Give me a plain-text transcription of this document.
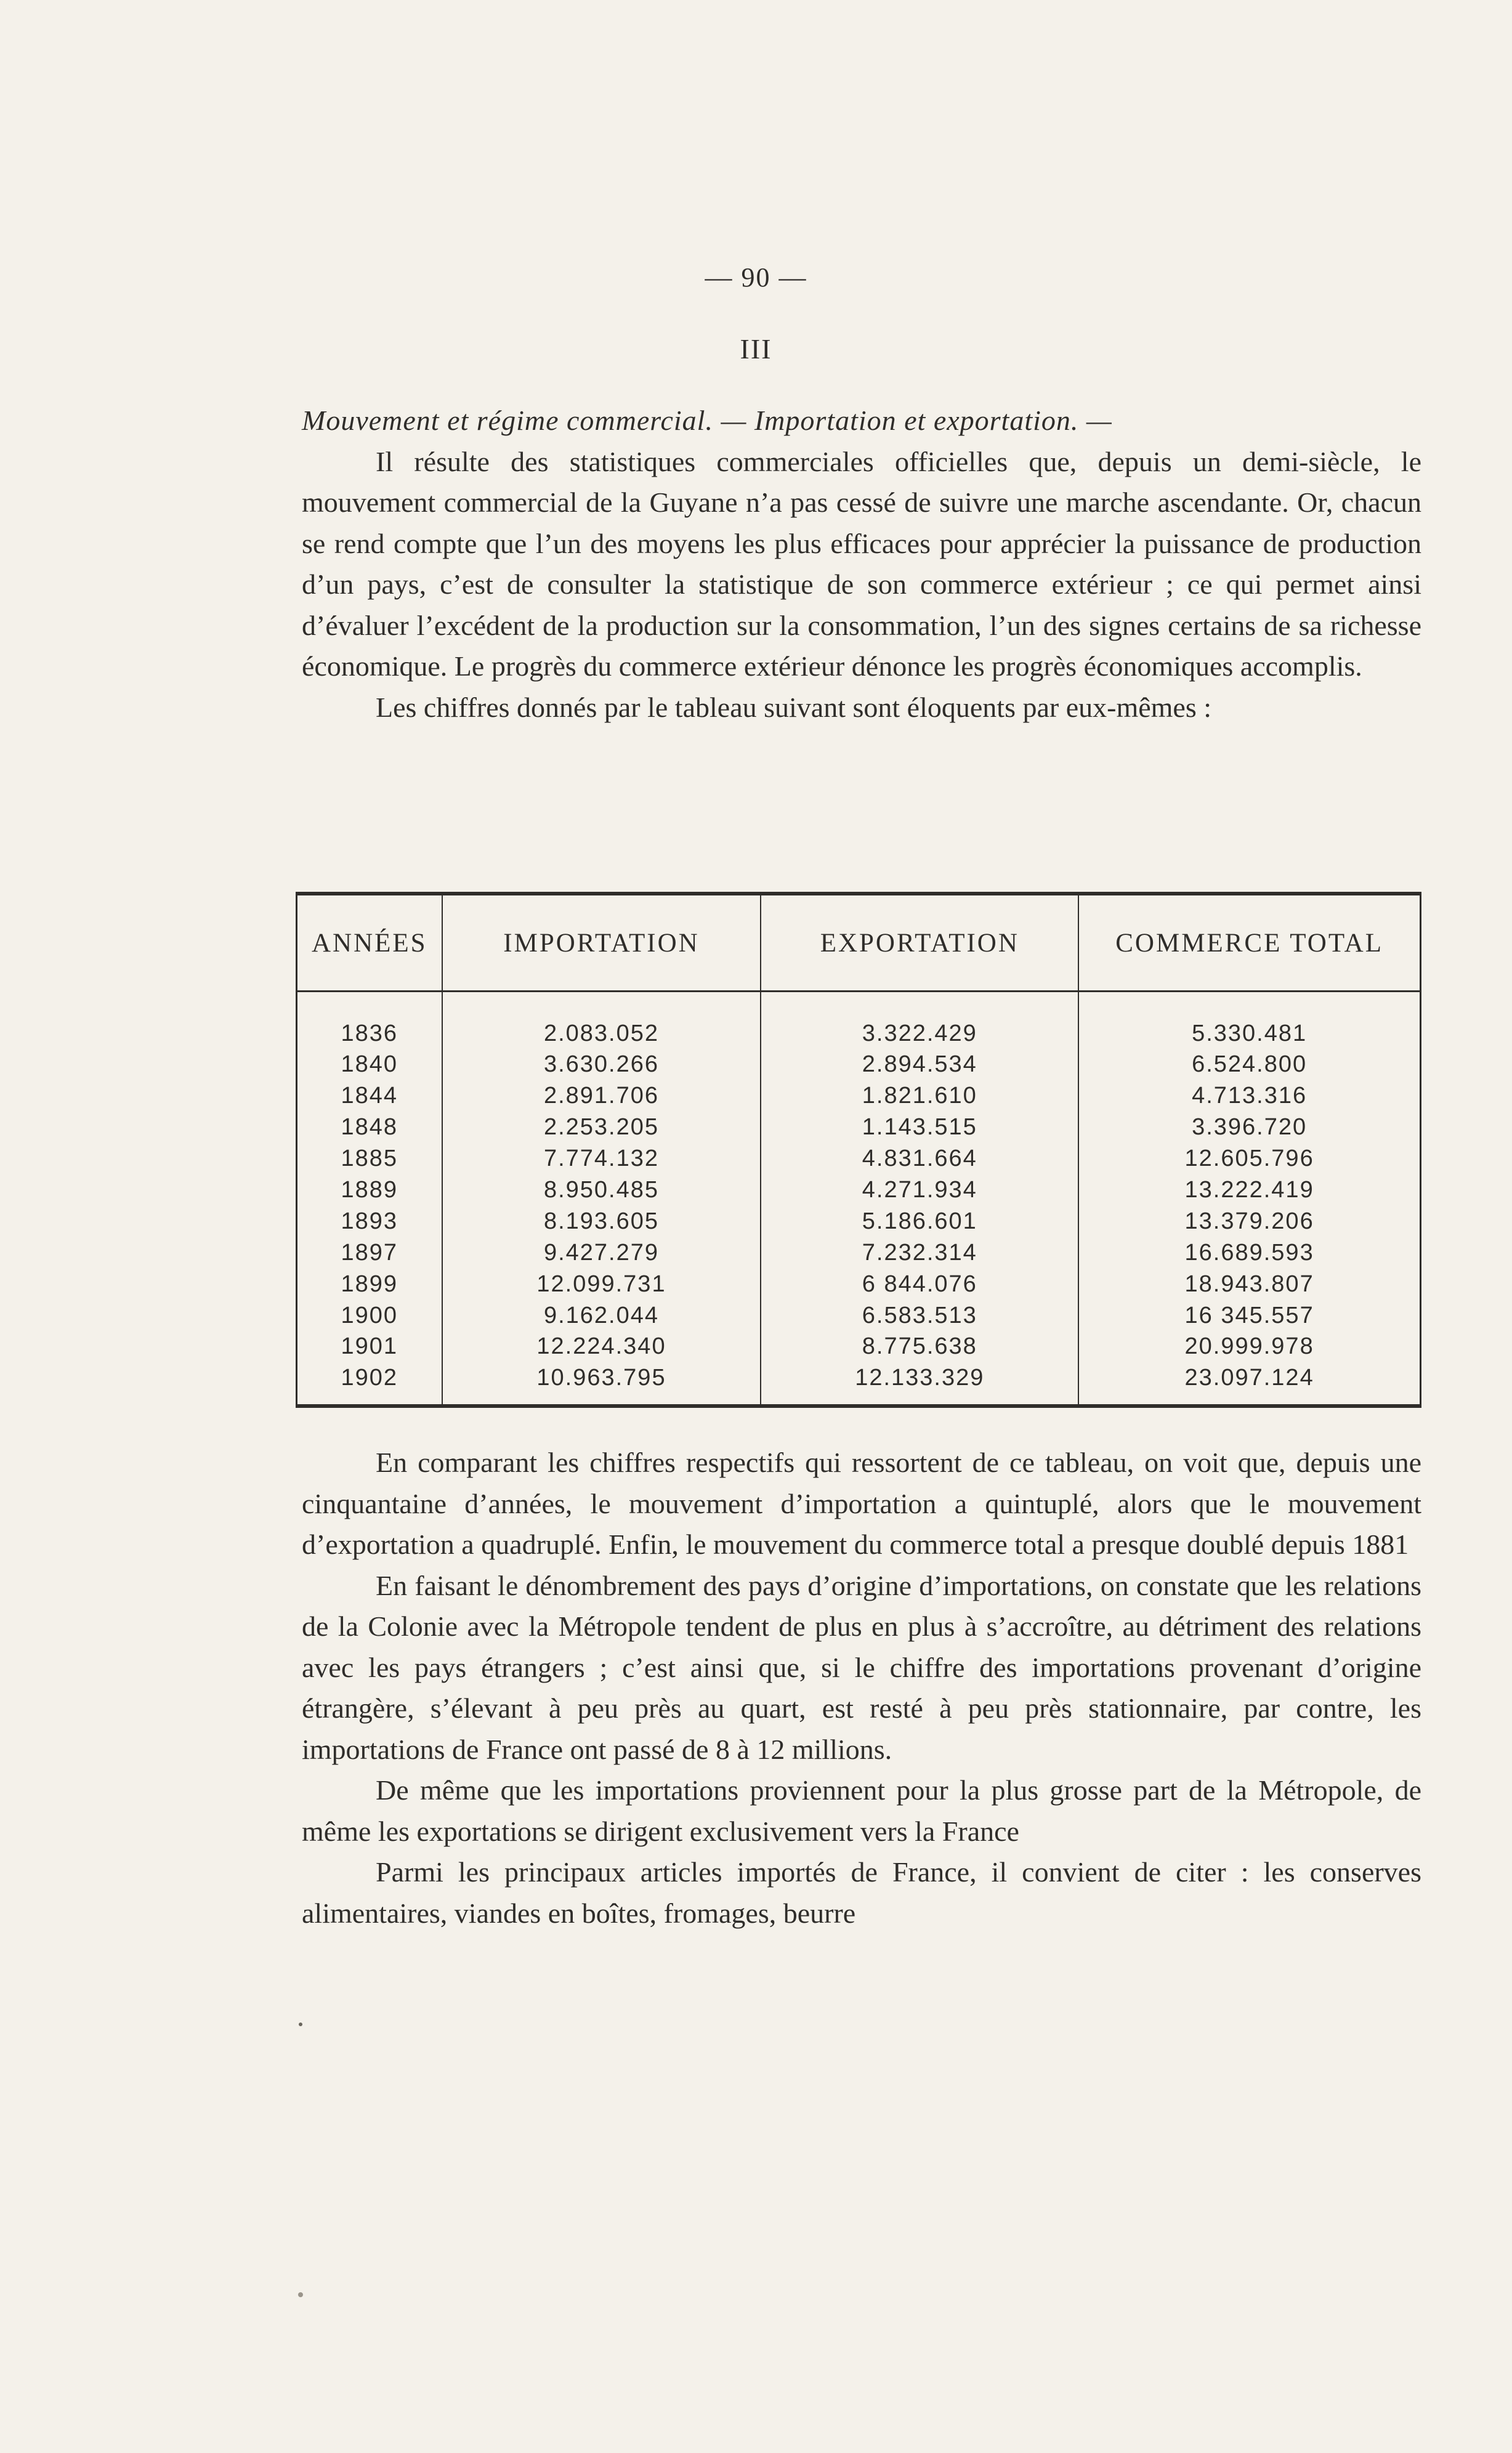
— 90 —
III
Mouvement et régime commercial. — Importation et exportation. —

Il résulte des statistiques commerciales officielles que, depuis un demi-siècle, le mouvement commercial de la Guyane n’a pas cessé de suivre une marche ascendante. Or, chacun se rend compte que l’un des moyens les plus efficaces pour apprécier la puissance de production d’un pays, c’est de consulter la statistique de son commerce extérieur ; ce qui permet ainsi d’évaluer l’excédent de la production sur la consommation, l’un des signes certains de sa richesse économique. Le progrès du commerce extérieur dénonce les progrès économiques accomplis.

Les chiffres donnés par le tableau suivant sont éloquents par eux-mêmes :

ANNÉES	IMPORTATION	EXPORTATION	COMMERCE TOTAL

1836	2.083.052	3.322.429	5.330.481
1840	3.630.266	2.894.534	6.524.800
1844	2.891.706	1.821.610	4.713.316
1848	2.253.205	1.143.515	3.396.720
1885	7.774.132	4.831.664	12.605.796
1889	8.950.485	4.271.934	13.222.419
1893	8.193.605	5.186.601	13.379.206
1897	9.427.279	7.232.314	16.689.593
1899	12.099.731	6 844.076	18.943.807
1900	9.162.044	6.583.513	16 345.557
1901	12.224.340	8.775.638	20.999.978
1902	10.963.795	12.133.329	23.097.124

En comparant les chiffres respectifs qui ressortent de ce tableau, on voit que, depuis une cinquantaine d’années, le mouvement d’importation a quintuplé, alors que le mouvement d’exportation a quadruplé. Enfin, le mouvement du commerce total a presque doublé depuis 1881

En faisant le dénombrement des pays d’origine d’importations, on constate que les relations de la Colonie avec la Métropole tendent de plus en plus à s’accroître, au détriment des relations avec les pays étrangers ; c’est ainsi que, si le chiffre des importations provenant d’origine étrangère, s’élevant à peu près au quart, est resté à peu près stationnaire, par contre, les importations de France ont passé de 8 à 12 millions.

De même que les importations proviennent pour la plus grosse part de la Métropole, de même les exportations se dirigent exclusivement vers la France

Parmi les principaux articles importés de France, il convient de citer : les conserves alimentaires, viandes en boîtes, fromages, beurre
